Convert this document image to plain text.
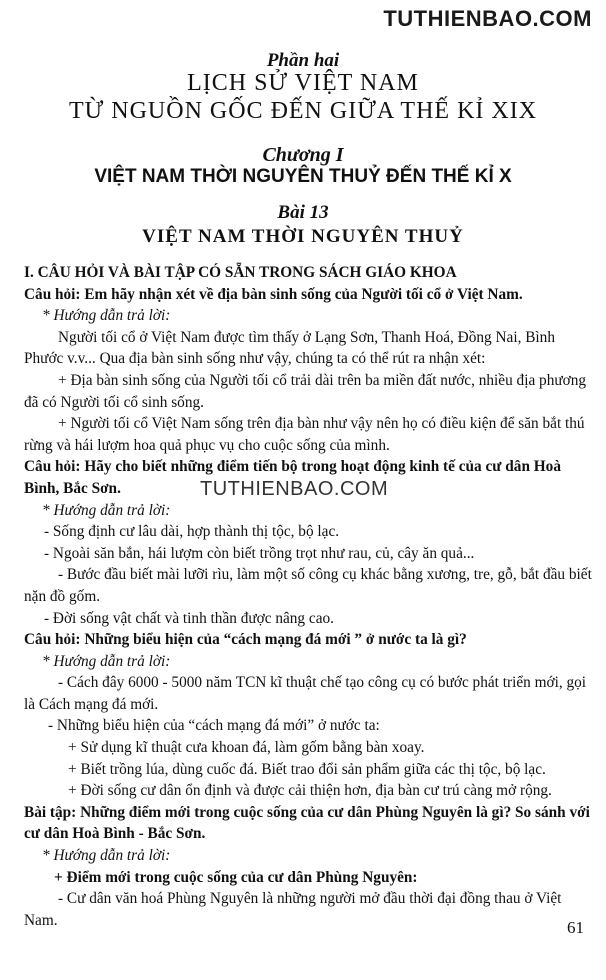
TUTHIENBAO.COM
Phần hai
LỊCH SỬ VIỆT NAM
TỪ NGUỒN GỐC ĐẾN GIỮA THẾ KỈ XIX
Chương I
VIỆT NAM THỜI NGUYÊN THUỶ ĐẾN THẾ KỈ X
Bài 13
VIỆT NAM THỜI NGUYÊN THUỶ

I. CÂU HỎI VÀ BÀI TẬP CÓ SẴN TRONG SÁCH GIÁO KHOA

Câu hỏi: Em hãy nhận xét về địa bàn sinh sống của Người tối cổ ở Việt Nam.

* Hướng dẫn trả lời:

Người tối cổ ở Việt Nam được tìm thấy ở Lạng Sơn, Thanh Hoá, Đồng Nai, Bình Phước v.v... Qua địa bàn sinh sống như vậy, chúng ta có thể rút ra nhận xét:

+ Địa bàn sinh sống của Người tối cổ trải dài trên ba miền đất nước, nhiều địa phương đã có Người tối cổ sinh sống.

+ Người tối cổ Việt Nam sống trên địa bàn như vậy nên họ có điều kiện để săn bắt thú rừng và hái lượm hoa quả phục vụ cho cuộc sống của mình.

Câu hỏi: Hãy cho biết những điểm tiến bộ trong hoạt động kinh tế của cư dân Hoà Bình, Bắc Sơn.

* Hướng dẫn trả lời:

- Sống định cư lâu dài, hợp thành thị tộc, bộ lạc.

- Ngoài săn bắn, hái lượm còn biết trồng trọt như rau, củ, cây ăn quả...

- Bước đầu biết mài lưỡi rìu, làm một số công cụ khác bằng xương, tre, gỗ, bắt đầu biết nặn đồ gốm.

- Đời sống vật chất và tinh thần được nâng cao.

Câu hỏi: Những biểu hiện của “cách mạng đá mới ” ở nước ta là gì?

* Hướng dẫn trả lời:

- Cách đây 6000 - 5000 năm TCN kĩ thuật chế tạo công cụ có bước phát triển mới, gọi là Cách mạng đá mới.

- Những biểu hiện của “cách mạng đá mới” ở nước ta:

+ Sử dụng kĩ thuật cưa khoan đá, làm gốm bằng bàn xoay.

+ Biết trồng lúa, dùng cuốc đá. Biết trao đổi sản phẩm giữa các thị tộc, bộ lạc.

+ Đời sống cư dân ổn định và được cải thiện hơn, địa bàn cư trú càng mở rộng.

Bài tập: Những điểm mới trong cuộc sống của cư dân Phùng Nguyên là gì? So sánh với cư dân Hoà Bình - Bắc Sơn.

* Hướng dẫn trả lời:

+ Điểm mới trong cuộc sống của cư dân Phùng Nguyên:

- Cư dân văn hoá Phùng Nguyên là những người mở đầu thời đại đồng thau ở Việt Nam.

TUTHIENBAO.COM
61
